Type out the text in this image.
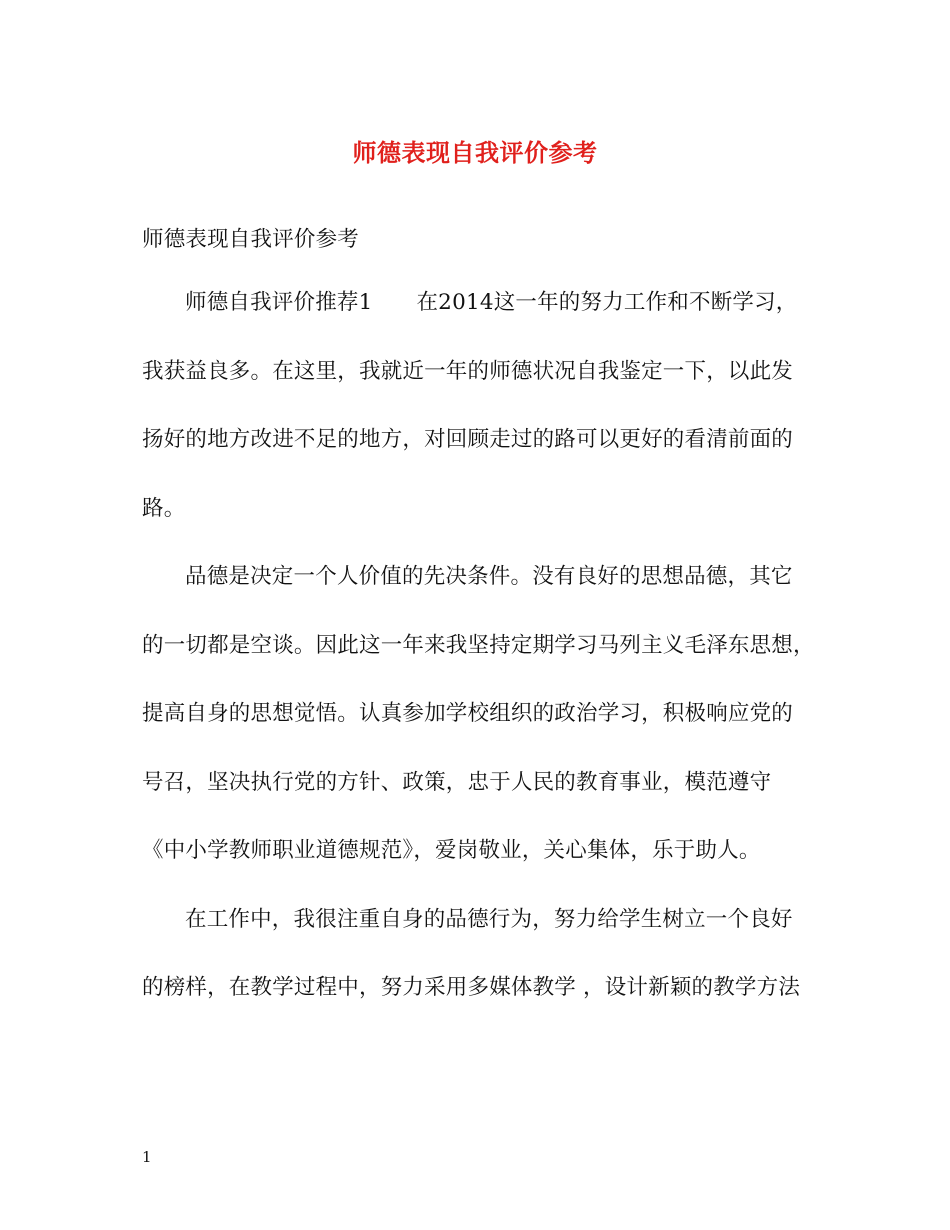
师德表现自我评价参考
师德表现自我评价参考
师德自我评价推荐1 在2014这一年的努力工作和不断学习，
我获益良多。在这里，我就近一年的师德状况自我鉴定一下，以此发
扬好的地方改进不足的地方，对回顾走过的路可以更好的看清前面的
路。
品德是决定一个人价值的先决条件。没有良好的思想品德，其它
的一切都是空谈。因此这一年来我坚持定期学习马列主义毛泽东思想，
提高自身的思想觉悟。认真参加学校组织的政治学习，积极响应党的
号召，坚决执行党的方针、政策，忠于人民的教育事业，模范遵守
《中小学教师职业道德规范》，爱岗敬业，关心集体，乐于助人。
在工作中，我很注重自身的品德行为，努力给学生树立一个良好
的榜样，在教学过程中，努力采用多媒体教学 ，设计新颖的教学方法
1
